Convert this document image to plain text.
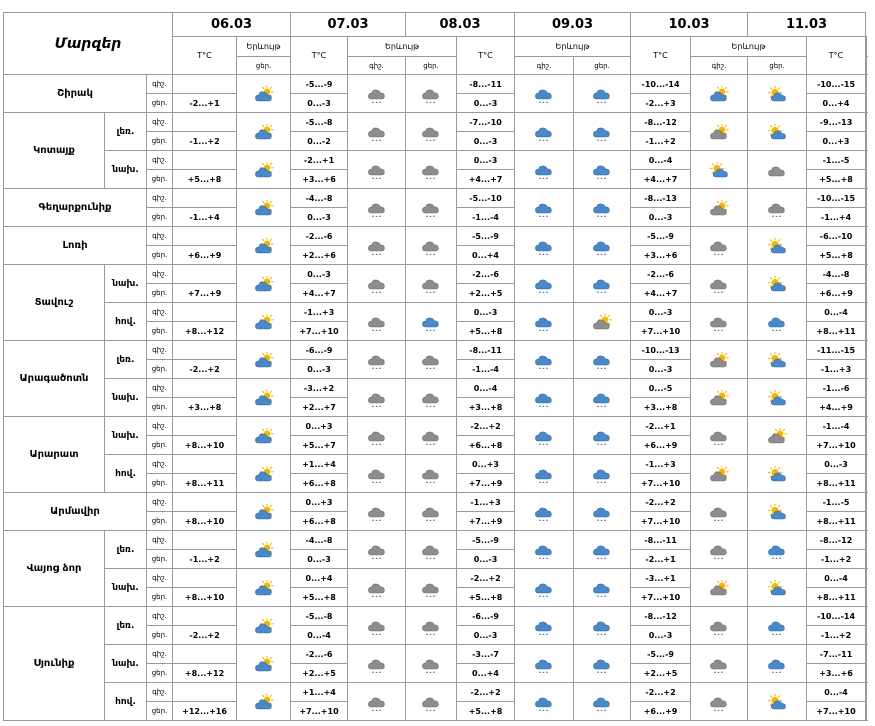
Մարզեր			06.03		07.03		08.03		09.03		10.03		11.03		
			T°C	Երևույթ	T°C	Երևույթ		T°C	Երևույթ		T°C	Երևույթ		T°C			
				ցեր.		գիշ.	ցեր.		գիշ.	ցեր.		գիշ.	ցեր.				
Շիրակ		գիշ.			-5...-9			-8...-11			-10...-14			-10...-15	

		ցեր.	-2...+1		0...-3			0...-3			-2...+3			0...+4	
Կոտայք	լեռ.	գիշ.			-5...-8			-7...-10			-8...-12			-9...-13	

		ցեր.	-1...+2		0...-2			0...-3			-1...+2			0...+3	
	նախ.	գիշ.			-2...+1			0...-3			0...-4			-1...-5	

		ցեր.	+5...+8		+3...+6			+4...+7			+4...+7			+5...+8	
Գեղարքունիք		գիշ.			-4...-8			-5...-10			-8...-13			-10...-15	

		ցեր.	-1...+4		0...-3			-1...-4			0...-3			-1...+4	
Լոռի		գիշ.			-2...-6			-5...-9			-5...-9			-6...-10	

		ցեր.	+6...+9		+2...+6			0...+4			+3...+6			+5...+8	
Տավուշ	նախ.	գիշ.			0...-3			-2...-6			-2...-6			-4...-8	

		ցեր.	+7...+9		+4...+7			+2...+5			+4...+7			+6...+9	
	հով.	գիշ.			-1...+3			0...-3			0...-3			0...-4	

		ցեր.	+8...+12		+7...+10			+5...+8			+7...+10			+8...+11	
Արագածոտն	լեռ.	գիշ.			-6...-9			-8...-11			-10...-13			-11...-15	

		ցեր.	-2...+2		0...-3			-1...-4			0...-3			-1...+3	
	նախ.	գիշ.			-3...+2			0...-4			0...-5			-1...-6	

		ցեր.	+3...+8		+2...+7			+3...+8			+3...+8			+4...+9	
Արարատ	նախ.	գիշ.			0...+3			-2...+2			-2...+1			-1...-4	

		ցեր.	+8...+10		+5...+7			+6...+8			+6...+9			+7...+10	
	հով.	գիշ.			+1...+4			0...+3			-1...+3			0...-3	

		ցեր.	+8...+11		+6...+8			+7...+9			+7...+10			+8...+11	
Արմավիր		գիշ.			0...+3			-1...+3			-2...+2			-1...-5	

		ցեր.	+8...+10		+6...+8			+7...+9			+7...+10			+8...+11	
Վայոց ձոր	լեռ.	գիշ.			-4...-8			-5...-9			-8...-11			-8...-12	

		ցեր.	-1...+2		0...-3			0...-3			-2...+1			-1...+2	
	նախ.	գիշ.			0...+4			-2...+2			-3...+1			0...-4	

		ցեր.	+8...+10		+5...+8			+5...+8			+7...+10			+8...+11	
Սյունիք	լեռ.	գիշ.			-5...-8			-6...-9			-8...-12			-10...-14	

		ցեր.	-2...+2		0...-4			0...-3			0...-3			-1...+2	
	նախ.	գիշ.			-2...-6			-3...-7			-5...-9			-7...-11	

		ցեր.	+8...+12		+2...+5			0...+4			+2...+5			+3...+6	
	հով.	գիշ.			+1...+4			-2...+2			-2...+2			0...-4	

		ցեր.	+12...+16		+7...+10			+5...+8			+6...+9			+7...+10	
